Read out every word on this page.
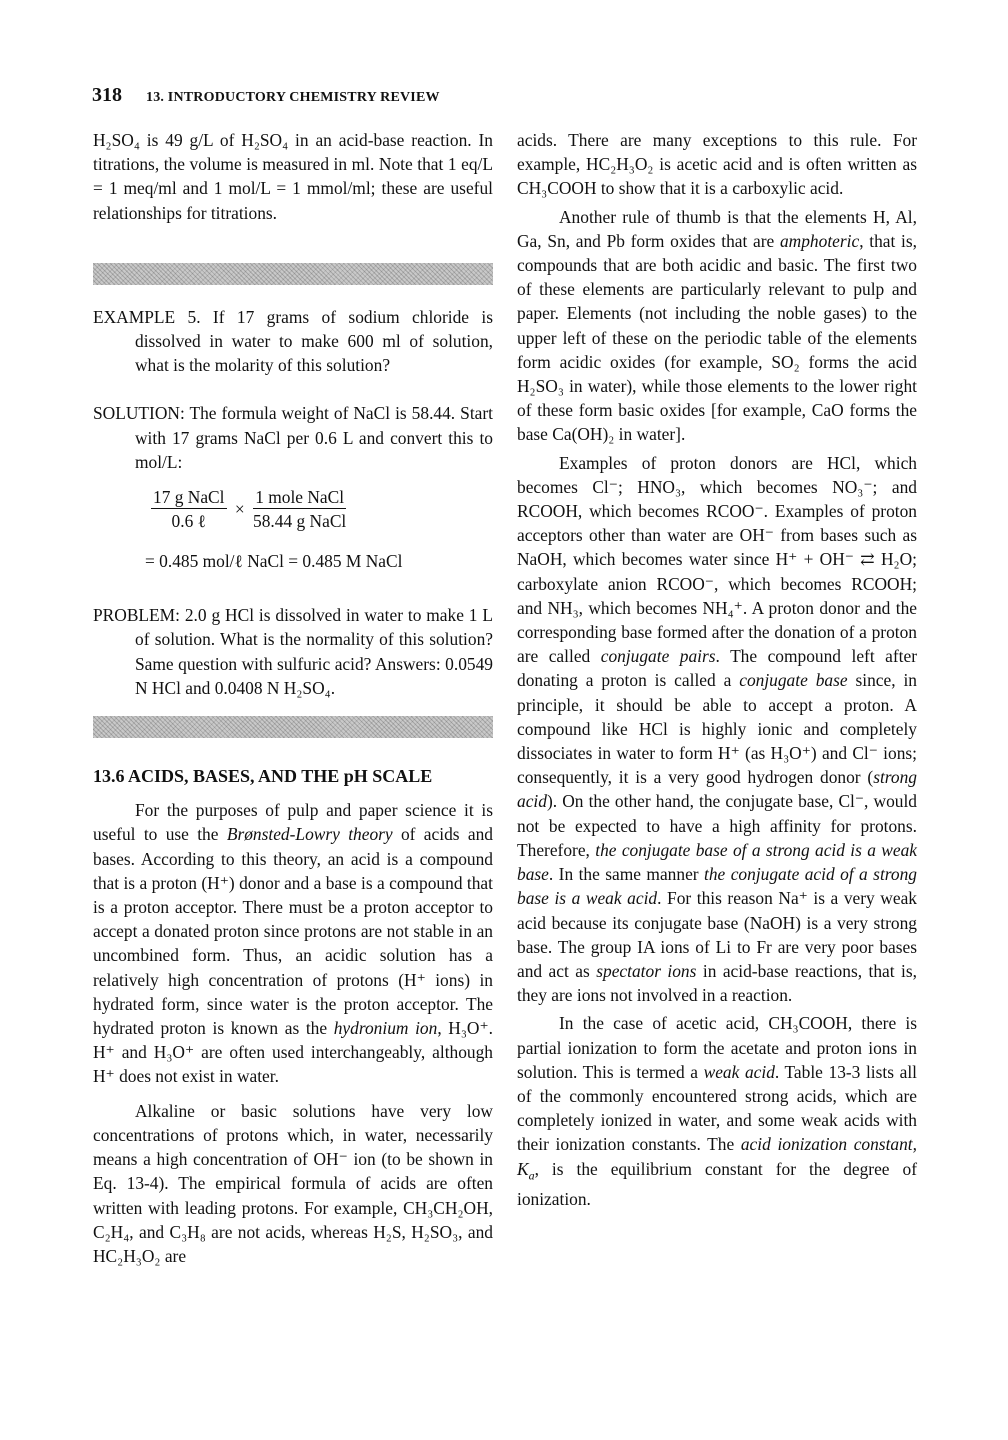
318 13. INTRODUCTORY CHEMISTRY REVIEW

H₂SO₄ is 49 g/L of H₂SO₄ in an acid-base reaction. In titrations, the volume is measured in ml. Note that 1 eq/L = 1 meq/ml and 1 mol/L = 1 mmol/ml; these are useful relationships for titrations.

EXAMPLE 5. If 17 grams of sodium chloride is dissolved in water to make 600 ml of solution, what is the molarity of this solution?

SOLUTION: The formula weight of NaCl is 58.44. Start with 17 grams NaCl per 0.6 L and convert this to mol/L:

$\frac{\text{17 g NaCl}}{\text{0.6 ℓ}} \times \frac{\text{1 mole NaCl}}{\text{58.44 g NaCl}}$

= 0.485 mol/ℓ NaCl = 0.485 M NaCl

PROBLEM: 2.0 g HCl is dissolved in water to make 1 L of solution. What is the normality of this solution? Same question with sulfuric acid? Answers: 0.0549 N HCl and 0.0408 N H₂SO₄.

13.6 ACIDS, BASES, AND THE pH SCALE

For the purposes of pulp and paper science it is useful to use the Brønsted-Lowry theory of acids and bases. According to this theory, an acid is a compound that is a proton (H⁺) donor and a base is a compound that is a proton acceptor. There must be a proton acceptor to accept a donated proton since protons are not stable in an uncombined form. Thus, an acidic solution has a relatively high concentration of protons (H⁺ ions) in hydrated form, since water is the proton acceptor. The hydrated proton is known as the hydronium ion, H₃O⁺. H⁺ and H₃O⁺ are often used interchangeably, although H⁺ does not exist in water.

Alkaline or basic solutions have very low concentrations of protons which, in water, necessarily means a high concentration of OH⁻ ion (to be shown in Eq. 13-4). The empirical formula of acids are often written with leading protons. For example, CH₃CH₂OH, C₂H₄, and C₃H₈ are not acids, whereas H₂S, H₂SO₃, and HC₂H₃O₂ are

acids. There are many exceptions to this rule. For example, HC₂H₃O₂ is acetic acid and is often written as CH₃COOH to show that it is a carboxylic acid.

Another rule of thumb is that the elements H, Al, Ga, Sn, and Pb form oxides that are amphoteric, that is, compounds that are both acidic and basic. The first two of these elements are particularly relevant to pulp and paper. Elements (not including the noble gases) to the upper left of these on the periodic table of the elements form acidic oxides (for example, SO₂ forms the acid H₂SO₃ in water), while those elements to the lower right of these form basic oxides [for example, CaO forms the base Ca(OH)₂ in water].

Examples of proton donors are HCl, which becomes Cl⁻; HNO₃, which becomes NO₃⁻; and RCOOH, which becomes RCOO⁻. Examples of proton acceptors other than water are OH⁻ from bases such as NaOH, which becomes water since H⁺ + OH⁻ ⇄ H₂O; carboxylate anion RCOO⁻, which becomes RCOOH; and NH₃, which becomes NH₄⁺. A proton donor and the corresponding base formed after the donation of a proton are called conjugate pairs. The compound left after donating a proton is called a conjugate base since, in principle, it should be able to accept a proton. A compound like HCl is highly ionic and completely dissociates in water to form H⁺ (as H₃O⁺) and Cl⁻ ions; consequently, it is a very good hydrogen donor (strong acid). On the other hand, the conjugate base, Cl⁻, would not be expected to have a high affinity for protons. Therefore, the conjugate base of a strong acid is a weak base. In the same manner the conjugate acid of a strong base is a weak acid. For this reason Na⁺ is a very weak acid because its conjugate base (NaOH) is a very strong base. The group IA ions of Li to Fr are very poor bases and act as spectator ions in acid-base reactions, that is, they are ions not involved in a reaction.

In the case of acetic acid, CH₃COOH, there is partial ionization to form the acetate and proton ions in solution. This is termed a weak acid. Table 13-3 lists all of the commonly encountered strong acids, which are completely ionized in water, and some weak acids with their ionization constants. The acid ionization constant, $K_a$, is the equilibrium constant for the degree of ionization.
